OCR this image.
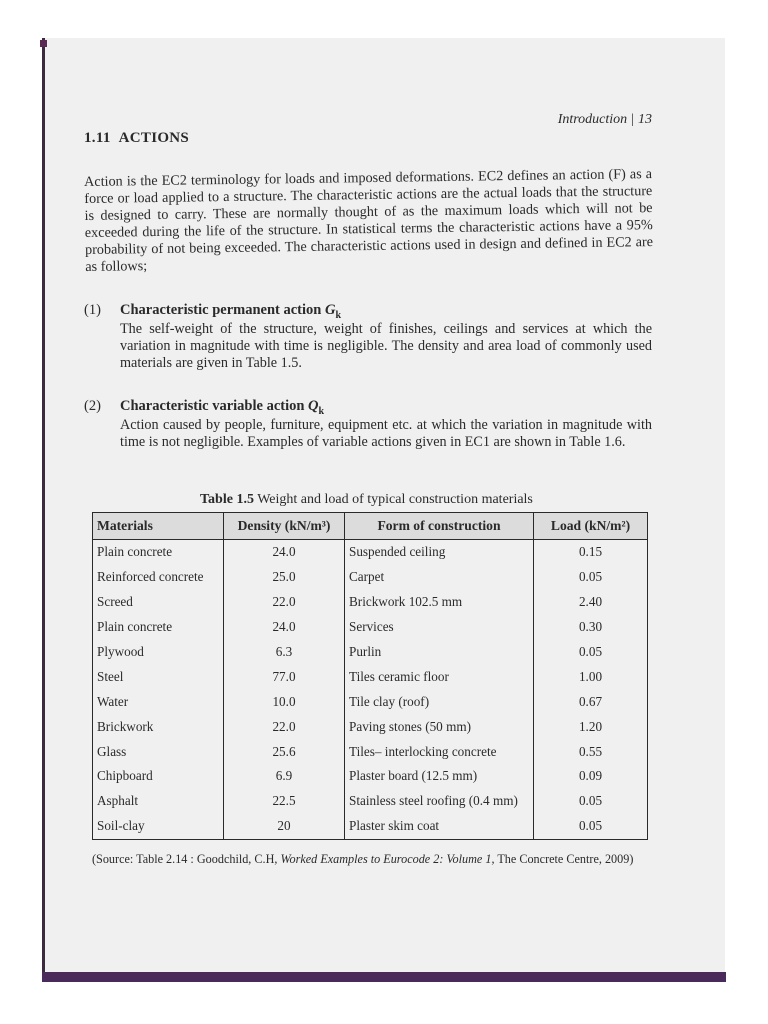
Introduction | 13
1.11 ACTIONS

Action is the EC2 terminology for loads and imposed deformations. EC2 defines an action (F) as a force or load applied to a structure. The characteristic actions are the actual loads that the structure is designed to carry. These are normally thought of as the maximum loads which will not be exceeded during the life of the structure. In statistical terms the characteristic actions have a 95% probability of not being exceeded. The characteristic actions used in design and defined in EC2 are as follows;

(1) Characteristic permanent action $G_k$

The self-weight of the structure, weight of finishes, ceilings and services at which the variation in magnitude with time is negligible. The density and area load of commonly used materials are given in Table 1.5.

(2) Characteristic variable action $Q_k$

Action caused by people, furniture, equipment etc. at which the variation in magnitude with time is not negligible. Examples of variable actions given in EC1 are shown in Table 1.6.

Table 1.5 Weight and load of typical construction materials
Materials	Density (kN/m³)	Form of construction	Load (kN/m²)
Plain concrete	24.0	Suspended ceiling	0.15
Reinforced concrete	25.0	Carpet	0.05
Screed	22.0	Brickwork 102.5 mm	2.40
Plain concrete	24.0	Services	0.30
Plywood	6.3	Purlin	0.05
Steel	77.0	Tiles ceramic floor	1.00
Water	10.0	Tile clay (roof)	0.67
Brickwork	22.0	Paving stones (50 mm)	1.20
Glass	25.6	Tiles– interlocking concrete	0.55
Chipboard	6.9	Plaster board (12.5 mm)	0.09
Asphalt	22.5	Stainless steel roofing (0.4 mm)	0.05
Soil-clay	20	Plaster skim coat	0.05
(Source: Table 2.14 : Goodchild, C.H, Worked Examples to Eurocode 2: Volume 1, The Concrete Centre, 2009)
